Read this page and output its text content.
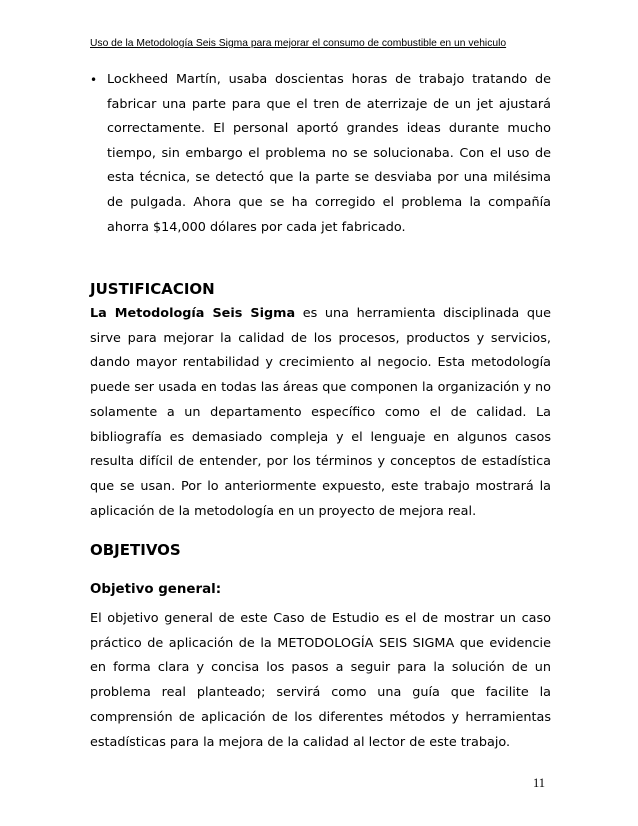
Uso de la Metodología Seis Sigma para mejorar el consumo de combustible en un vehiculo
• Lockheed Martín, usaba doscientas horas de trabajo tratando de fabricar una parte para que el tren de aterrizaje de un jet ajustará correctamente. El personal aportó grandes ideas durante mucho tiempo, sin embargo el problema no se solucionaba. Con el uso de esta técnica, se detectó que la parte se desviaba por una milésima de pulgada. Ahora que se ha corregido el problema la compañía ahorra $14,000 dólares por cada jet fabricado.
JUSTIFICACION
La Metodología Seis Sigma es una herramienta disciplinada que sirve para mejorar la calidad de los procesos, productos y servicios, dando mayor rentabilidad y crecimiento al negocio. Esta metodología puede ser usada en todas las áreas que componen la organización y no solamente a un departamento específico como el de calidad. La bibliografía es demasiado compleja y el lenguaje en algunos casos resulta difícil de entender, por los términos y conceptos de estadística que se usan. Por lo anteriormente expuesto, este trabajo mostrará la aplicación de la metodología en un proyecto de mejora real.
OBJETIVOS
Objetivo general:
El objetivo general de este Caso de Estudio es el de mostrar un caso práctico de aplicación de la METODOLOGÍA SEIS SIGMA que evidencie en forma clara y concisa los pasos a seguir para la solución de un problema real planteado; servirá como una guía que facilite la comprensión de aplicación de los diferentes métodos y herramientas estadísticas para la mejora de la calidad al lector de este trabajo.
11
